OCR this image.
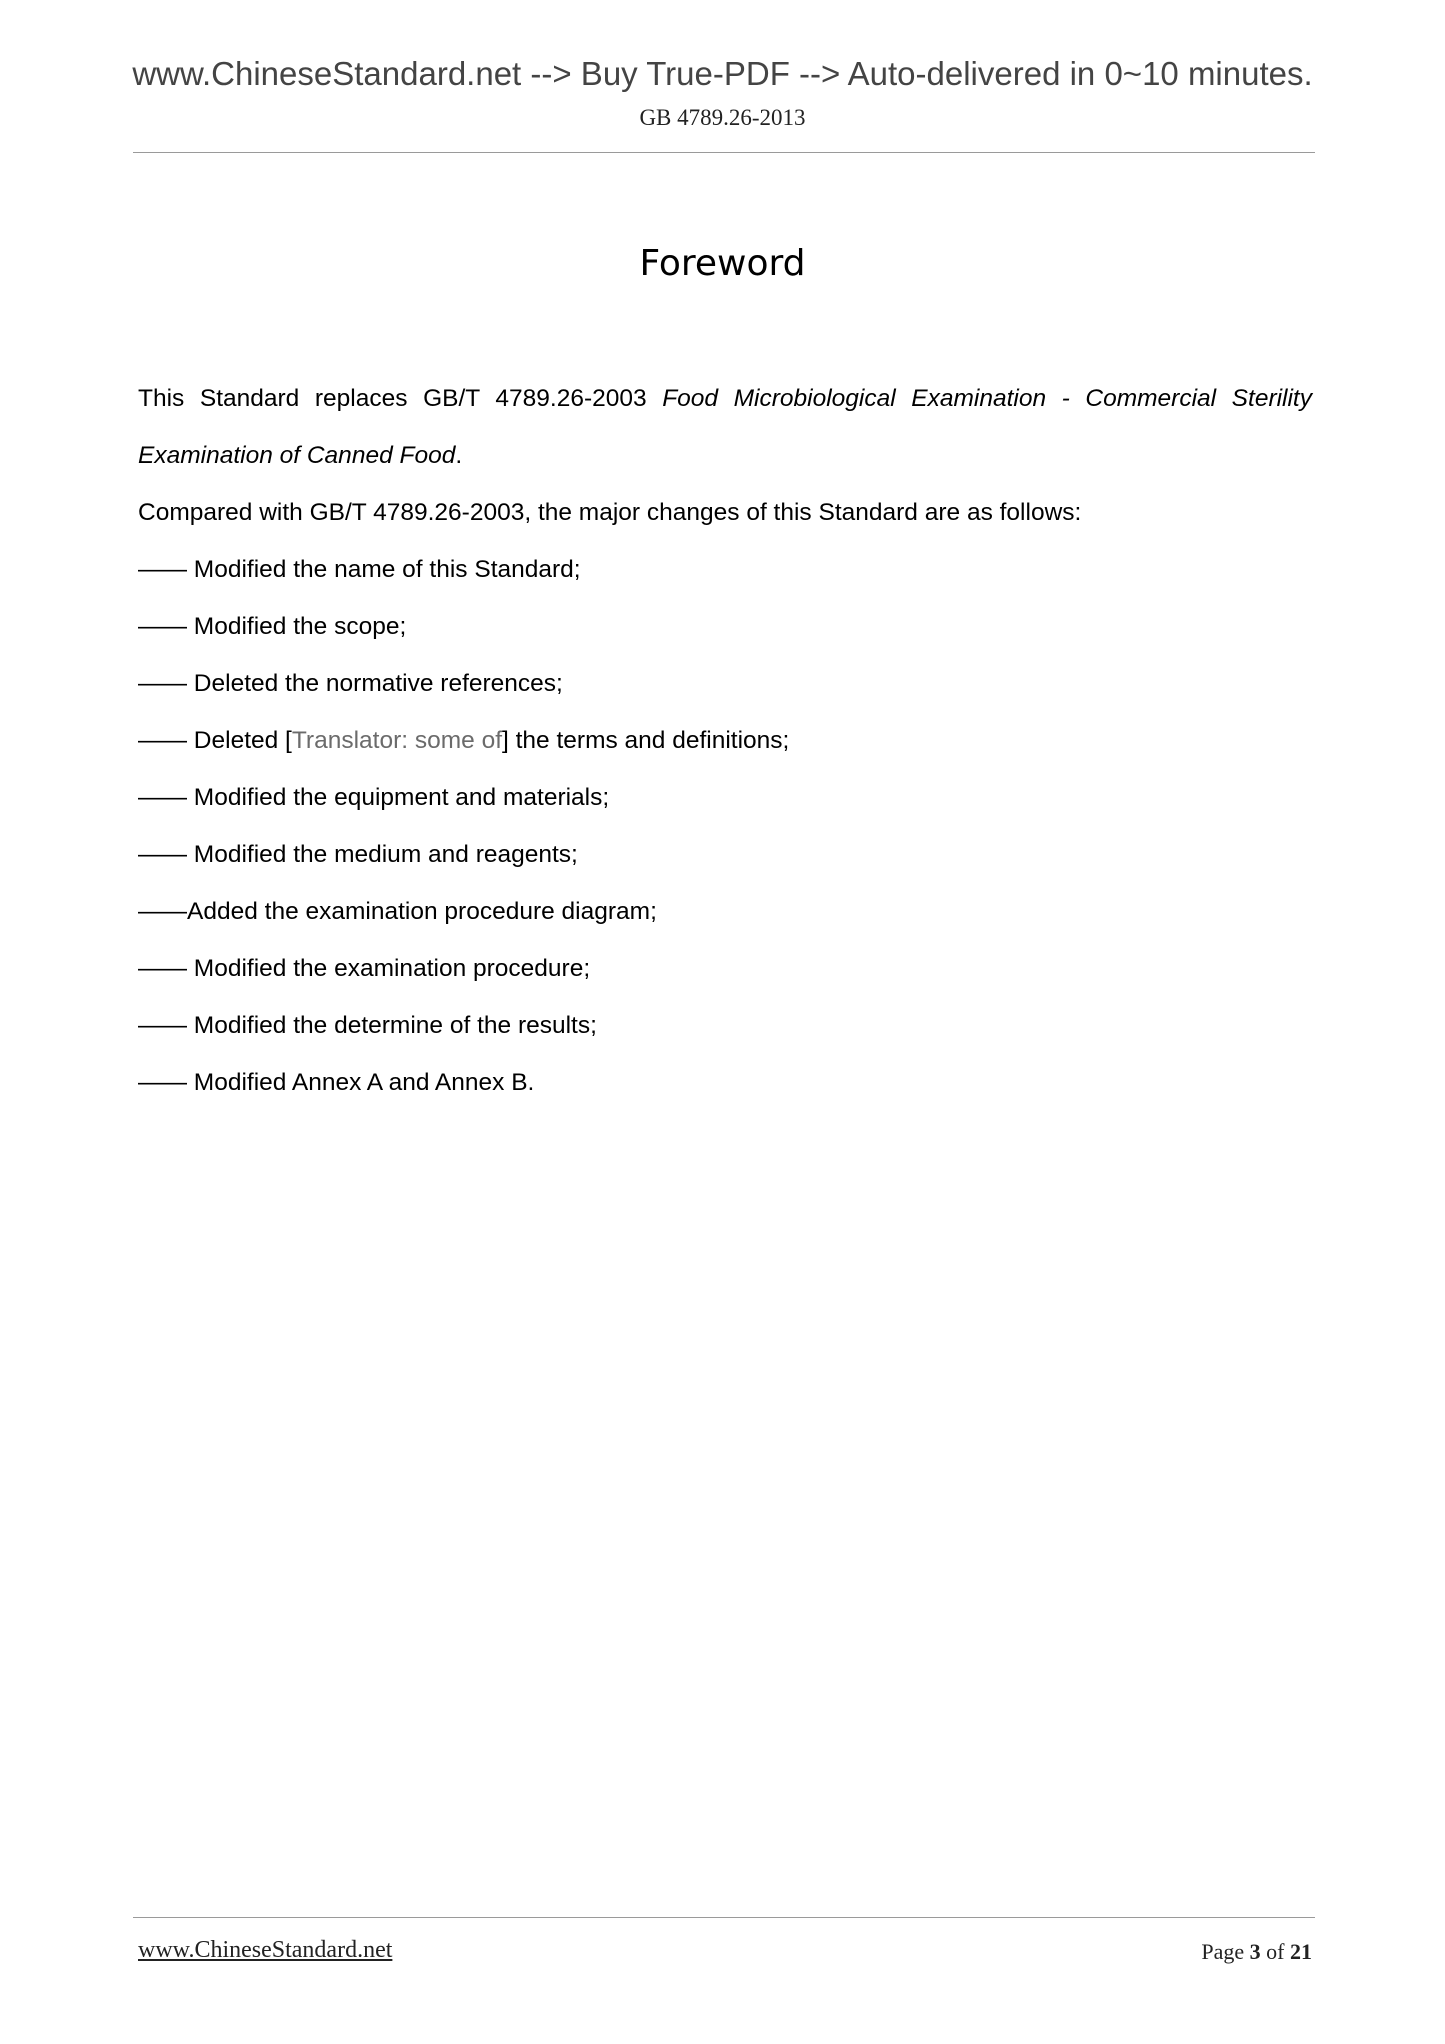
www.ChineseStandard.net --> Buy True-PDF --> Auto-delivered in 0~10 minutes.
GB 4789.26-2013
Foreword

This Standard replaces GB/T 4789.26-2003 Food Microbiological Examination - Commercial Sterility Examination of Canned Food.

Compared with GB/T 4789.26-2003, the major changes of this Standard are as follows:

—— Modified the name of this Standard;

—— Modified the scope;

—— Deleted the normative references;

—— Deleted [Translator: some of] the terms and definitions;

—— Modified the equipment and materials;

—— Modified the medium and reagents;

——Added the examination procedure diagram;

—— Modified the examination procedure;

—— Modified the determine of the results;

—— Modified Annex A and Annex B.

www.ChineseStandard.net	Page 3 of 21
